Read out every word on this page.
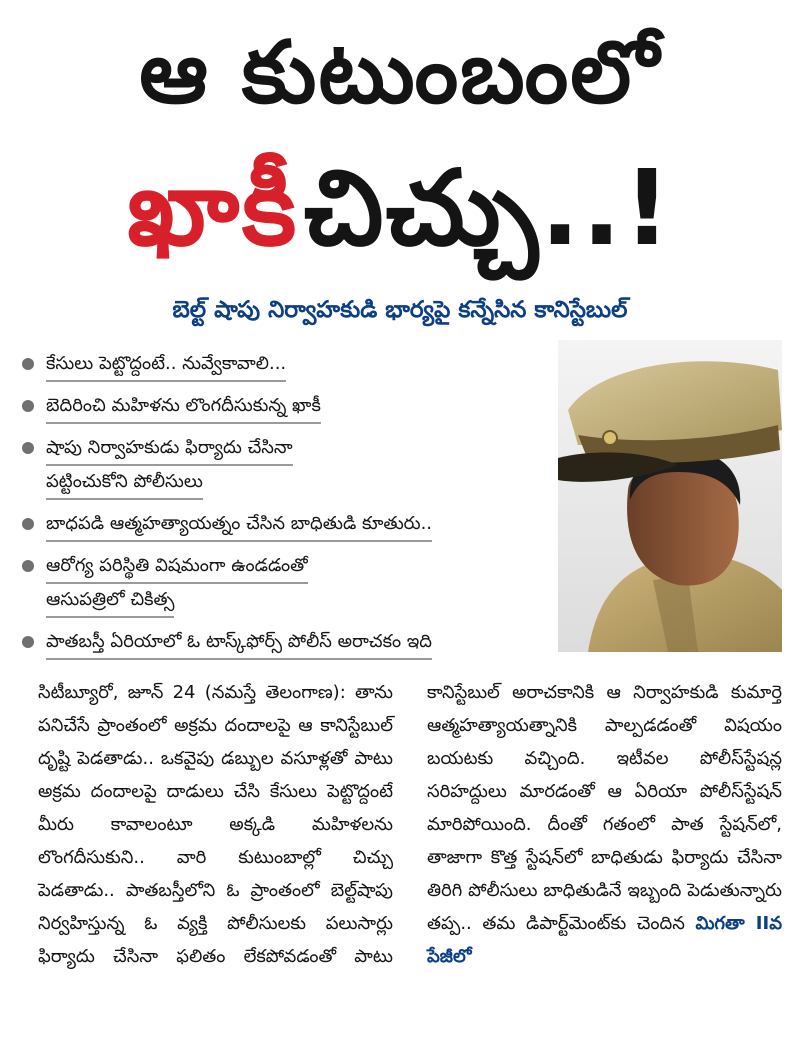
ఆ కుటుంబంలో
ఖాకీ చిచ్చు..!
బెల్ట్ షాపు నిర్వాహకుడి భార్యపై కన్నేసిన కానిస్టేబుల్
కేసులు పెట్టొద్దంటే.. నువ్వేకావాలి...
బెదిరించి మహిళను లొంగదీసుకున్న ఖాకీ
షాపు నిర్వాహకుడు ఫిర్యాదు చేసినా
పట్టించుకోని పోలీసులు
బాధపడి ఆత్మహత్యాయత్నం చేసిన బాధితుడి కూతురు..
ఆరోగ్య పరిస్థితి విషమంగా ఉండడంతో
ఆసుపత్రిలో చికిత్స
పాతబస్తీ ఏరియాలో ఓ టాస్క్‌ఫోర్స్ పోలీస్ అరాచకం ఇది

సిటీబ్యూరో, జూన్ 24 (నమస్తే తెలంగాణ): తాను పనిచేసే ప్రాంతంలో అక్రమ దందాలపై ఆ కానిస్టేబుల్ దృష్టి పెడతాడు.. ఒకవైపు డబ్బుల వసూళ్లతో పాటు అక్రమ దందాలపై దాడులు చేసి కేసులు పెట్టొద్దంటే మీరు కావాలంటూ అక్కడి మహిళలను లొంగదీసుకుని.. వారి కుటుంబాల్లో చిచ్చు పెడతాడు.. పాతబస్తీలోని ఓ ప్రాంతంలో బెల్ట్‌షాపు నిర్వహిస్తున్న ఓ వ్యక్తి పోలీసులకు పలుసార్లు ఫిర్యాదు చేసినా ఫలితం లేకపోవడంతో పాటు కానిస్టేబుల్ అరాచకానికి ఆ నిర్వాహకుడి కుమార్తె ఆత్మహత్యాయత్నానికి పాల్పడడంతో విషయం బయటకు వచ్చింది. ఇటీవల పోలీస్‌స్టేషన్ల సరిహద్దులు మారడంతో ఆ ఏరియా పోలీస్‌స్టేషన్ మారిపోయింది. దీంతో గతంలో పాత స్టేషన్‌లో, తాజాగా కొత్త స్టేషన్‌లో బాధితుడు ఫిర్యాదు చేసినా తిరిగి పోలీసులు బాధితుడినే ఇబ్బంది పెడుతున్నారు తప్ప.. తమ డిపార్ట్‌మెంట్‌కు చెందిన మిగతా IIవ పేజీలో
